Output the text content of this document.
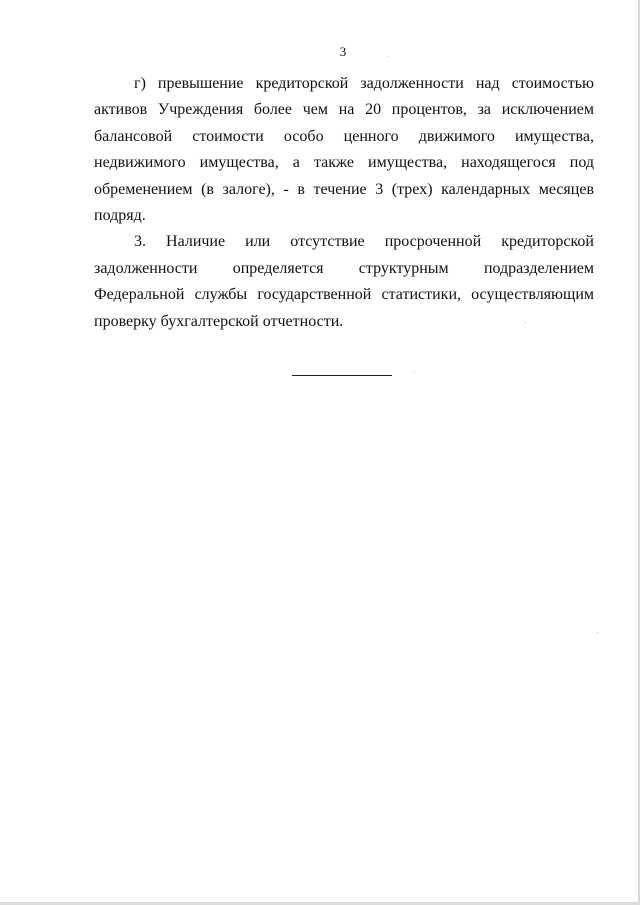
3

г) превышение кредиторской задолженности над стоимостью активов Учреждения более чем на 20 процентов, за исключением балансовой стоимости особо ценного движимого имущества, недвижимого имущества, а также имущества, находящегося под обременением (в залоге), - в течение 3 (трех) календарных месяцев подряд.

3. Наличие или отсутствие просроченной кредиторской задолженности определяется структурным подразделением Федеральной службы государственной статистики, осуществляющим проверку бухгалтерской отчетности.
